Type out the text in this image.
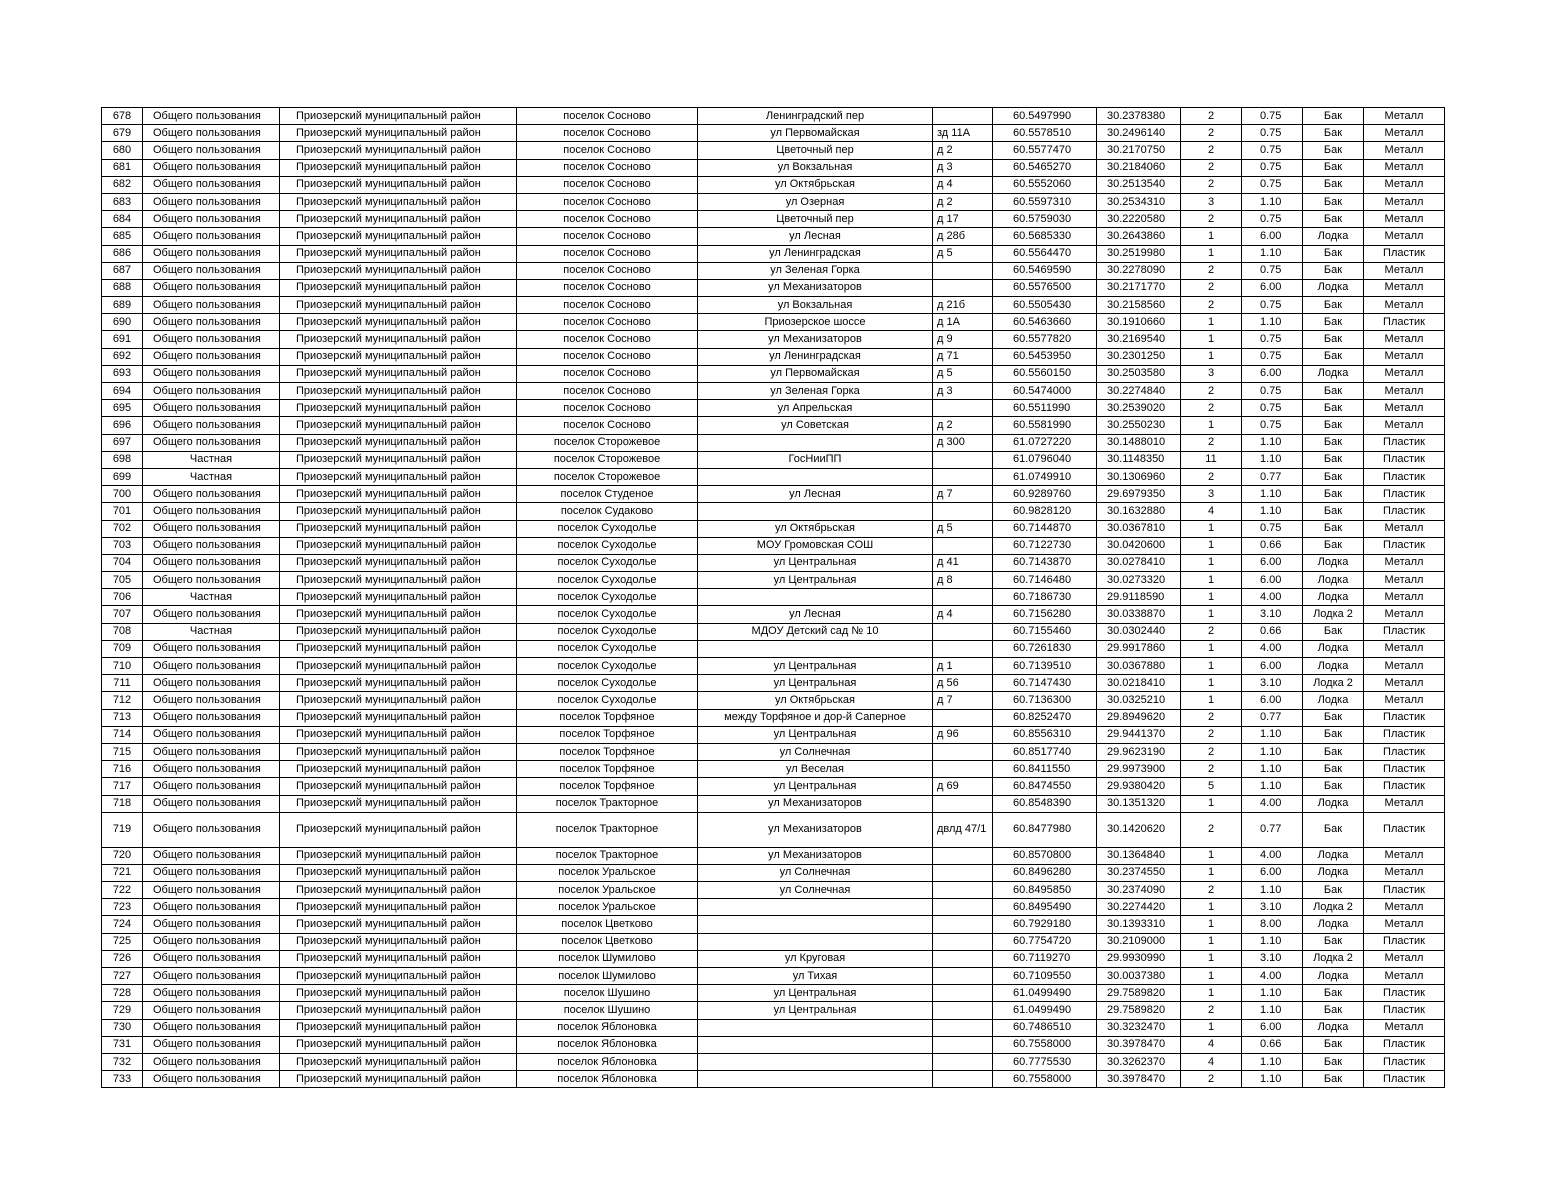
678	Общего пользования	Приозерский муниципальный район	поселок Сосново	Ленинградский пер		60.5497990	30.2378380	2	0.75	Бак	Металл
679	Общего пользования	Приозерский муниципальный район	поселок Сосново	ул Первомайская	зд 11А	60.5578510	30.2496140	2	0.75	Бак	Металл
680	Общего пользования	Приозерский муниципальный район	поселок Сосново	Цветочный пер	д 2	60.5577470	30.2170750	2	0.75	Бак	Металл
681	Общего пользования	Приозерский муниципальный район	поселок Сосново	ул Вокзальная	д 3	60.5465270	30.2184060	2	0.75	Бак	Металл
682	Общего пользования	Приозерский муниципальный район	поселок Сосново	ул Октябрьская	д 4	60.5552060	30.2513540	2	0.75	Бак	Металл
683	Общего пользования	Приозерский муниципальный район	поселок Сосново	ул Озерная	д 2	60.5597310	30.2534310	3	1.10	Бак	Металл
684	Общего пользования	Приозерский муниципальный район	поселок Сосново	Цветочный пер	д 17	60.5759030	30.2220580	2	0.75	Бак	Металл
685	Общего пользования	Приозерский муниципальный район	поселок Сосново	ул Лесная	д 28б	60.5685330	30.2643860	1	6.00	Лодка	Металл
686	Общего пользования	Приозерский муниципальный район	поселок Сосново	ул Ленинградская	д 5	60.5564470	30.2519980	1	1.10	Бак	Пластик
687	Общего пользования	Приозерский муниципальный район	поселок Сосново	ул Зеленая Горка		60.5469590	30.2278090	2	0.75	Бак	Металл
688	Общего пользования	Приозерский муниципальный район	поселок Сосново	ул Механизаторов		60.5576500	30.2171770	2	6.00	Лодка	Металл
689	Общего пользования	Приозерский муниципальный район	поселок Сосново	ул Вокзальная	д 21б	60.5505430	30.2158560	2	0.75	Бак	Металл
690	Общего пользования	Приозерский муниципальный район	поселок Сосново	Приозерское шоссе	д 1А	60.5463660	30.1910660	1	1.10	Бак	Пластик
691	Общего пользования	Приозерский муниципальный район	поселок Сосново	ул Механизаторов	д 9	60.5577820	30.2169540	1	0.75	Бак	Металл
692	Общего пользования	Приозерский муниципальный район	поселок Сосново	ул Ленинградская	д 71	60.5453950	30.2301250	1	0.75	Бак	Металл
693	Общего пользования	Приозерский муниципальный район	поселок Сосново	ул Первомайская	д 5	60.5560150	30.2503580	3	6.00	Лодка	Металл
694	Общего пользования	Приозерский муниципальный район	поселок Сосново	ул Зеленая Горка	д 3	60.5474000	30.2274840	2	0.75	Бак	Металл
695	Общего пользования	Приозерский муниципальный район	поселок Сосново	ул Апрельская		60.5511990	30.2539020	2	0.75	Бак	Металл
696	Общего пользования	Приозерский муниципальный район	поселок Сосново	ул Советская	д 2	60.5581990	30.2550230	1	0.75	Бак	Металл
697	Общего пользования	Приозерский муниципальный район	поселок Сторожевое		д 300	61.0727220	30.1488010	2	1.10	Бак	Пластик
698	Частная	Приозерский муниципальный район	поселок Сторожевое	ГосНииПП		61.0796040	30.1148350	11	1.10	Бак	Пластик
699	Частная	Приозерский муниципальный район	поселок Сторожевое			61.0749910	30.1306960	2	0.77	Бак	Пластик
700	Общего пользования	Приозерский муниципальный район	поселок Студеное	ул Лесная	д 7	60.9289760	29.6979350	3	1.10	Бак	Пластик
701	Общего пользования	Приозерский муниципальный район	поселок Судаково			60.9828120	30.1632880	4	1.10	Бак	Пластик
702	Общего пользования	Приозерский муниципальный район	поселок Суходолье	ул Октябрьская	д 5	60.7144870	30.0367810	1	0.75	Бак	Металл
703	Общего пользования	Приозерский муниципальный район	поселок Суходолье	МОУ Громовская СОШ		60.7122730	30.0420600	1	0.66	Бак	Пластик
704	Общего пользования	Приозерский муниципальный район	поселок Суходолье	ул Центральная	д 41	60.7143870	30.0278410	1	6.00	Лодка	Металл
705	Общего пользования	Приозерский муниципальный район	поселок Суходолье	ул Центральная	д 8	60.7146480	30.0273320	1	6.00	Лодка	Металл
706	Частная	Приозерский муниципальный район	поселок Суходолье			60.7186730	29.9118590	1	4.00	Лодка	Металл
707	Общего пользования	Приозерский муниципальный район	поселок Суходолье	ул Лесная	д 4	60.7156280	30.0338870	1	3.10	Лодка 2	Металл
708	Частная	Приозерский муниципальный район	поселок Суходолье	МДОУ Детский сад № 10		60.7155460	30.0302440	2	0.66	Бак	Пластик
709	Общего пользования	Приозерский муниципальный район	поселок Суходолье			60.7261830	29.9917860	1	4.00	Лодка	Металл
710	Общего пользования	Приозерский муниципальный район	поселок Суходолье	ул Центральная	д 1	60.7139510	30.0367880	1	6.00	Лодка	Металл
711	Общего пользования	Приозерский муниципальный район	поселок Суходолье	ул Центральная	д 56	60.7147430	30.0218410	1	3.10	Лодка 2	Металл
712	Общего пользования	Приозерский муниципальный район	поселок Суходолье	ул Октябрьская	д 7	60.7136300	30.0325210	1	6.00	Лодка	Металл
713	Общего пользования	Приозерский муниципальный район	поселок Торфяное	между Торфяное и дор-й Саперное		60.8252470	29.8949620	2	0.77	Бак	Пластик
714	Общего пользования	Приозерский муниципальный район	поселок Торфяное	ул Центральная	д 96	60.8556310	29.9441370	2	1.10	Бак	Пластик
715	Общего пользования	Приозерский муниципальный район	поселок Торфяное	ул Солнечная		60.8517740	29.9623190	2	1.10	Бак	Пластик
716	Общего пользования	Приозерский муниципальный район	поселок Торфяное	ул Веселая		60.8411550	29.9973900	2	1.10	Бак	Пластик
717	Общего пользования	Приозерский муниципальный район	поселок Торфяное	ул Центральная	д 69	60.8474550	29.9380420	5	1.10	Бак	Пластик
718	Общего пользования	Приозерский муниципальный район	поселок Тракторное	ул Механизаторов		60.8548390	30.1351320	1	4.00	Лодка	Металл
719	Общего пользования	Приозерский муниципальный район	поселок Тракторное	ул Механизаторов	двлд 47/1	60.8477980	30.1420620	2	0.77	Бак	Пластик
720	Общего пользования	Приозерский муниципальный район	поселок Тракторное	ул Механизаторов		60.8570800	30.1364840	1	4.00	Лодка	Металл
721	Общего пользования	Приозерский муниципальный район	поселок Уральское	ул Солнечная		60.8496280	30.2374550	1	6.00	Лодка	Металл
722	Общего пользования	Приозерский муниципальный район	поселок Уральское	ул Солнечная		60.8495850	30.2374090	2	1.10	Бак	Пластик
723	Общего пользования	Приозерский муниципальный район	поселок Уральское			60.8495490	30.2274420	1	3.10	Лодка 2	Металл
724	Общего пользования	Приозерский муниципальный район	поселок Цветково			60.7929180	30.1393310	1	8.00	Лодка	Металл
725	Общего пользования	Приозерский муниципальный район	поселок Цветково			60.7754720	30.2109000	1	1.10	Бак	Пластик
726	Общего пользования	Приозерский муниципальный район	поселок Шумилово	ул Круговая		60.7119270	29.9930990	1	3.10	Лодка 2	Металл
727	Общего пользования	Приозерский муниципальный район	поселок Шумилово	ул Тихая		60.7109550	30.0037380	1	4.00	Лодка	Металл
728	Общего пользования	Приозерский муниципальный район	поселок Шушино	ул Центральная		61.0499490	29.7589820	1	1.10	Бак	Пластик
729	Общего пользования	Приозерский муниципальный район	поселок Шушино	ул Центральная		61.0499490	29.7589820	2	1.10	Бак	Пластик
730	Общего пользования	Приозерский муниципальный район	поселок Яблоновка			60.7486510	30.3232470	1	6.00	Лодка	Металл
731	Общего пользования	Приозерский муниципальный район	поселок Яблоновка			60.7558000	30.3978470	4	0.66	Бак	Пластик
732	Общего пользования	Приозерский муниципальный район	поселок Яблоновка			60.7775530	30.3262370	4	1.10	Бак	Пластик
733	Общего пользования	Приозерский муниципальный район	поселок Яблоновка			60.7558000	30.3978470	2	1.10	Бак	Пластик
